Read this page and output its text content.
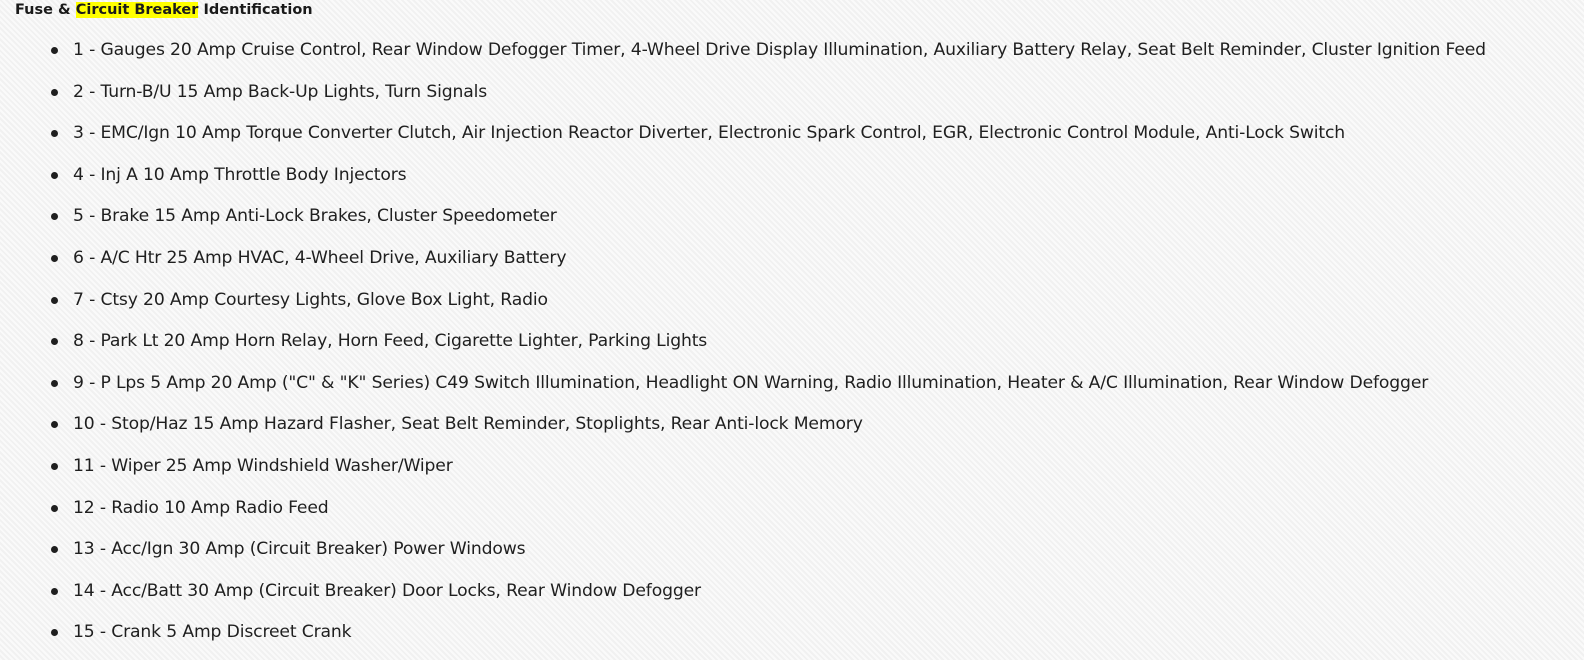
Fuse & Circuit Breaker Identification
1 - Gauges 20 Amp Cruise Control, Rear Window Defogger Timer, 4-Wheel Drive Display Illumination, Auxiliary Battery Relay, Seat Belt Reminder, Cluster Ignition Feed
2 - Turn-B/U 15 Amp Back-Up Lights, Turn Signals
3 - EMC/Ign 10 Amp Torque Converter Clutch, Air Injection Reactor Diverter, Electronic Spark Control, EGR, Electronic Control Module, Anti-Lock Switch
4 - Inj A 10 Amp Throttle Body Injectors
5 - Brake 15 Amp Anti-Lock Brakes, Cluster Speedometer
6 - A/C Htr 25 Amp HVAC, 4-Wheel Drive, Auxiliary Battery
7 - Ctsy 20 Amp Courtesy Lights, Glove Box Light, Radio
8 - Park Lt 20 Amp Horn Relay, Horn Feed, Cigarette Lighter, Parking Lights
9 - P Lps 5 Amp 20 Amp ("C" & "K" Series) C49 Switch Illumination, Headlight ON Warning, Radio Illumination, Heater & A/C Illumination, Rear Window Defogger
10 - Stop/Haz 15 Amp Hazard Flasher, Seat Belt Reminder, Stoplights, Rear Anti-lock Memory
11 - Wiper 25 Amp Windshield Washer/Wiper
12 - Radio 10 Amp Radio Feed
13 - Acc/Ign 30 Amp (Circuit Breaker) Power Windows
14 - Acc/Batt 30 Amp (Circuit Breaker) Door Locks, Rear Window Defogger
15 - Crank 5 Amp Discreet Crank
